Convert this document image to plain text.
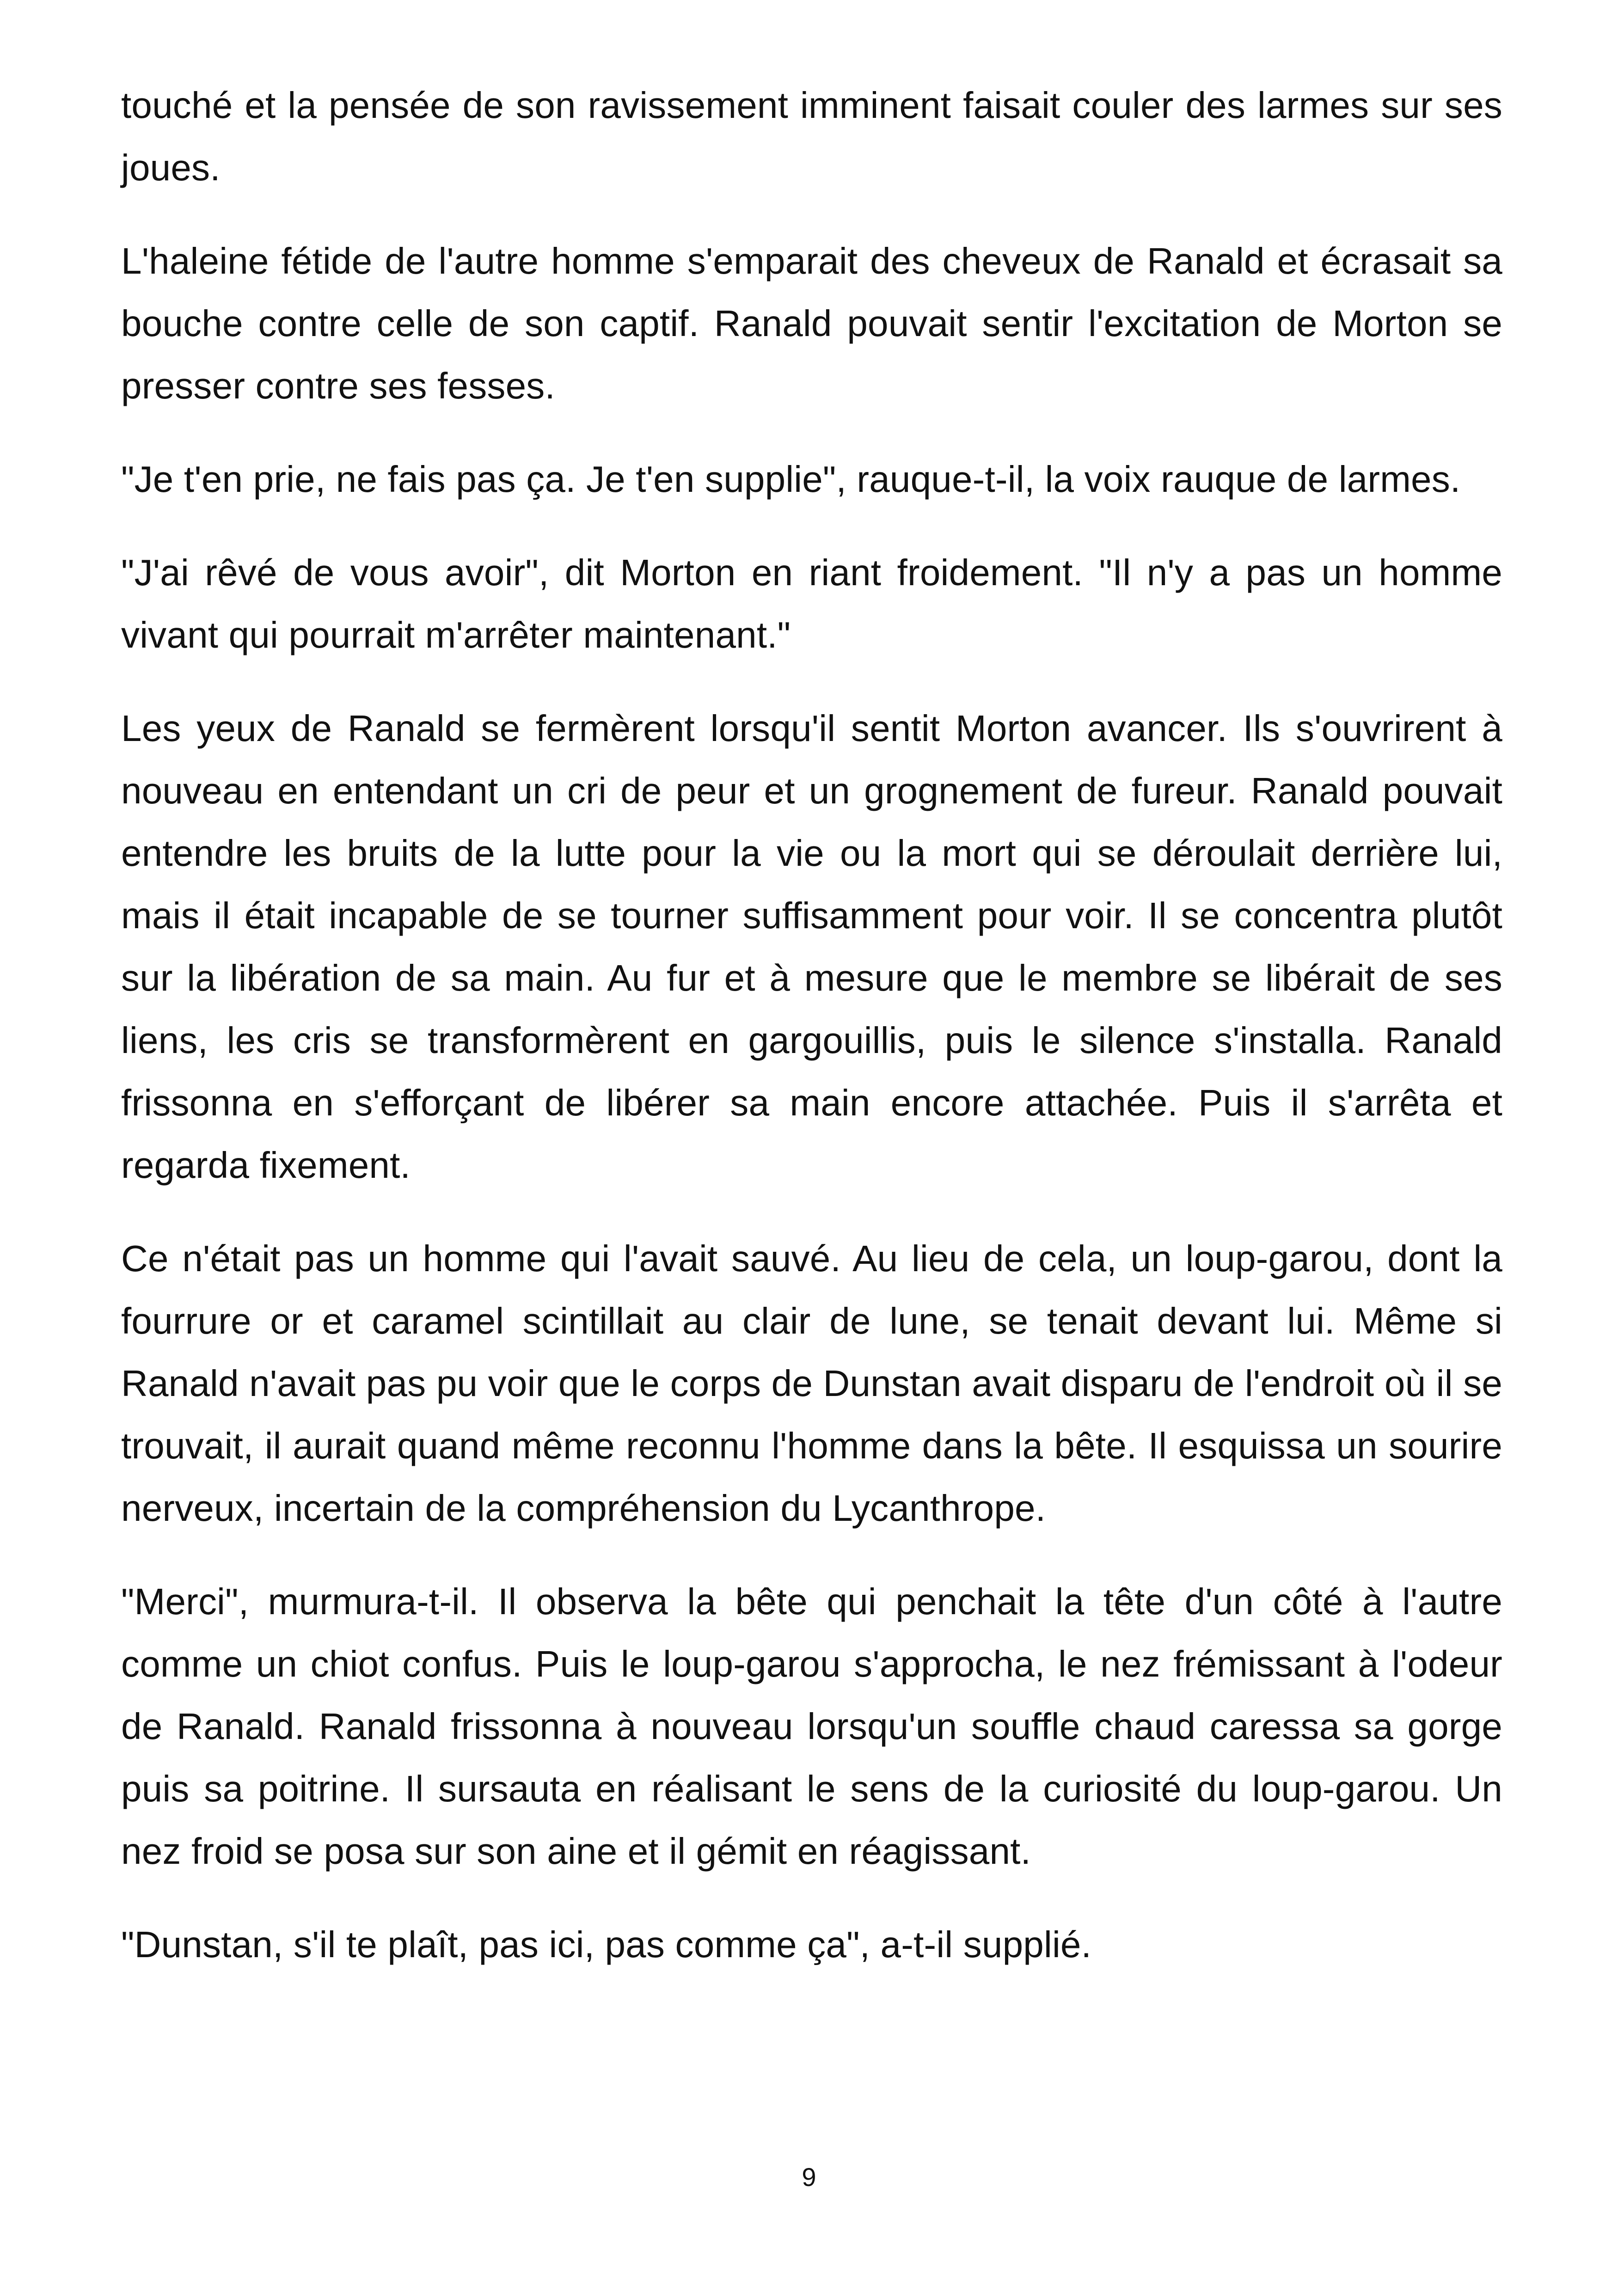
touché et la pensée de son ravissement imminent faisait couler des larmes sur ses joues.

L'haleine fétide de l'autre homme s'emparait des cheveux de Ranald et écrasait sa bouche contre celle de son captif. Ranald pouvait sentir l'excitation de Morton se presser contre ses fesses.

"Je t'en prie, ne fais pas ça. Je t'en supplie", rauque-t-il, la voix rauque de larmes.

"J'ai rêvé de vous avoir", dit Morton en riant froidement. "Il n'y a pas un homme vivant qui pourrait m'arrêter maintenant."

Les yeux de Ranald se fermèrent lorsqu'il sentit Morton avancer. Ils s'ouvrirent à nouveau en entendant un cri de peur et un grognement de fureur. Ranald pouvait entendre les bruits de la lutte pour la vie ou la mort qui se déroulait derrière lui, mais il était incapable de se tourner suffisamment pour voir. Il se concentra plutôt sur la libération de sa main. Au fur et à mesure que le membre se libérait de ses liens, les cris se transformèrent en gargouillis, puis le silence s'installa. Ranald frissonna en s'efforçant de libérer sa main encore attachée. Puis il s'arrêta et regarda fixement.

Ce n'était pas un homme qui l'avait sauvé. Au lieu de cela, un loup-garou, dont la fourrure or et caramel scintillait au clair de lune, se tenait devant lui. Même si Ranald n'avait pas pu voir que le corps de Dunstan avait disparu de l'endroit où il se trouvait, il aurait quand même reconnu l'homme dans la bête. Il esquissa un sourire nerveux, incertain de la compréhension du Lycanthrope.

"Merci", murmura-t-il. Il observa la bête qui penchait la tête d'un côté à l'autre comme un chiot confus. Puis le loup-garou s'approcha, le nez frémissant à l'odeur de Ranald. Ranald frissonna à nouveau lorsqu'un souffle chaud caressa sa gorge puis sa poitrine. Il sursauta en réalisant le sens de la curiosité du loup-garou. Un nez froid se posa sur son aine et il gémit en réagissant.

"Dunstan, s'il te plaît, pas ici, pas comme ça", a-t-il supplié.

9
